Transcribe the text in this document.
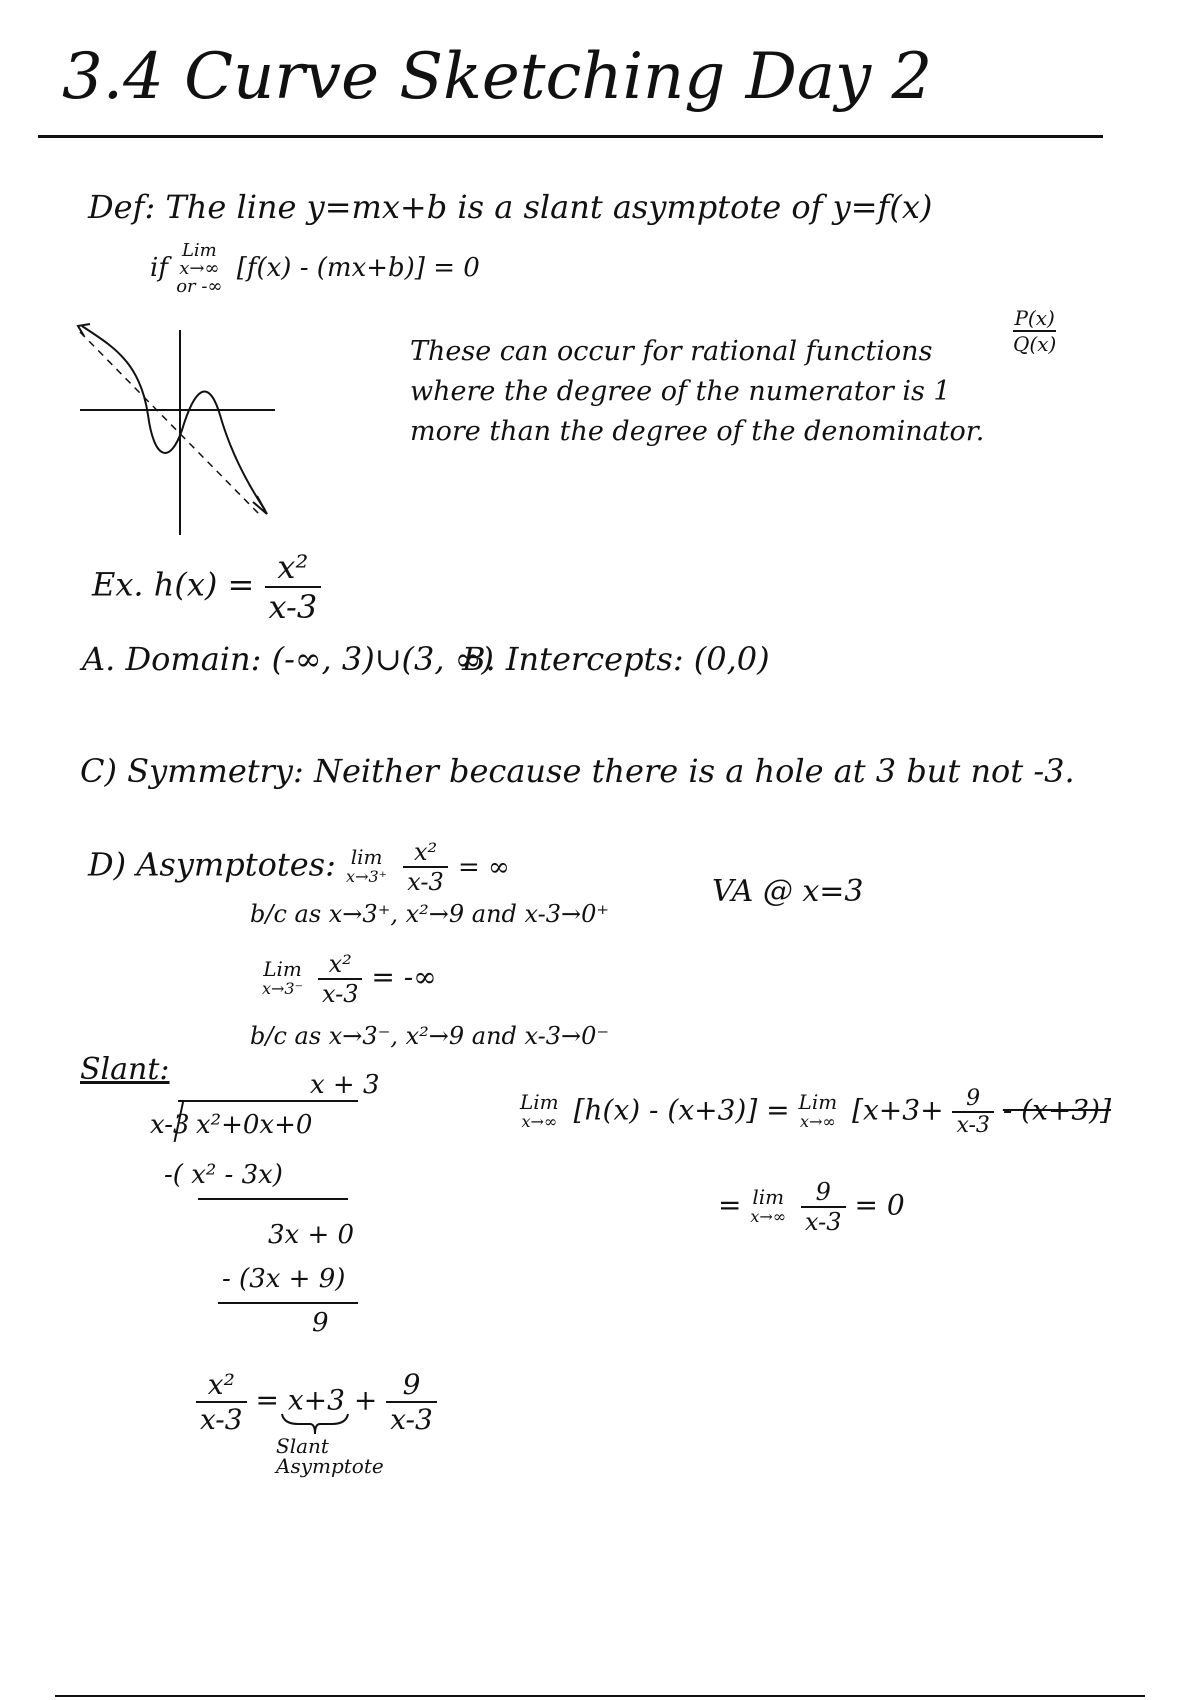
3.4 Curve Sketching Day 2
Def: The line y=mx+b is a slant asymptote of y=f(x)
if
Lim
x→∞
or -∞
[f(x) - (mx+b)] = 0
These can occur for rational functions where the degree of the numerator is 1 more than the degree of the denominator.
$\frac{P(x)}{Q(x)}$
Ex. $h(x) = \frac{\text{x²}}{x-3}$
A. Domain: (-∞, 3)∪(3, ∞)
B. Intercepts: (0,0)
C) Symmetry: Neither because there is a hole at 3 but not -3.
D) Asymptotes: lim
x→3⁺
$\frac{\text{x²}}{x-3}$ = ∞
b/c as x→3⁺, x²→9 and x-3→0⁺
VA @ x=3
Lim
x→3⁻
$\frac{\text{x²}}{x-3}$ = -∞
b/c as x→3⁻, x²→9 and x-3→0⁻
Slant:	x + 3
x-3 x²+0x+0
-( x² - 3x)
3x + 0
- (3x + 9)
9
$\frac{\text{x²}}{x-3} = x+3 + \frac{9}{x-3}$
Slant Asymptote
Lim
x→∞ [h(x) - (x+3)] = Lim
x→∞ $[x+3+ \frac{9}{x-3} - (x+3)]$
= lim
x→∞
$\frac{9}{x-3} = 0$
